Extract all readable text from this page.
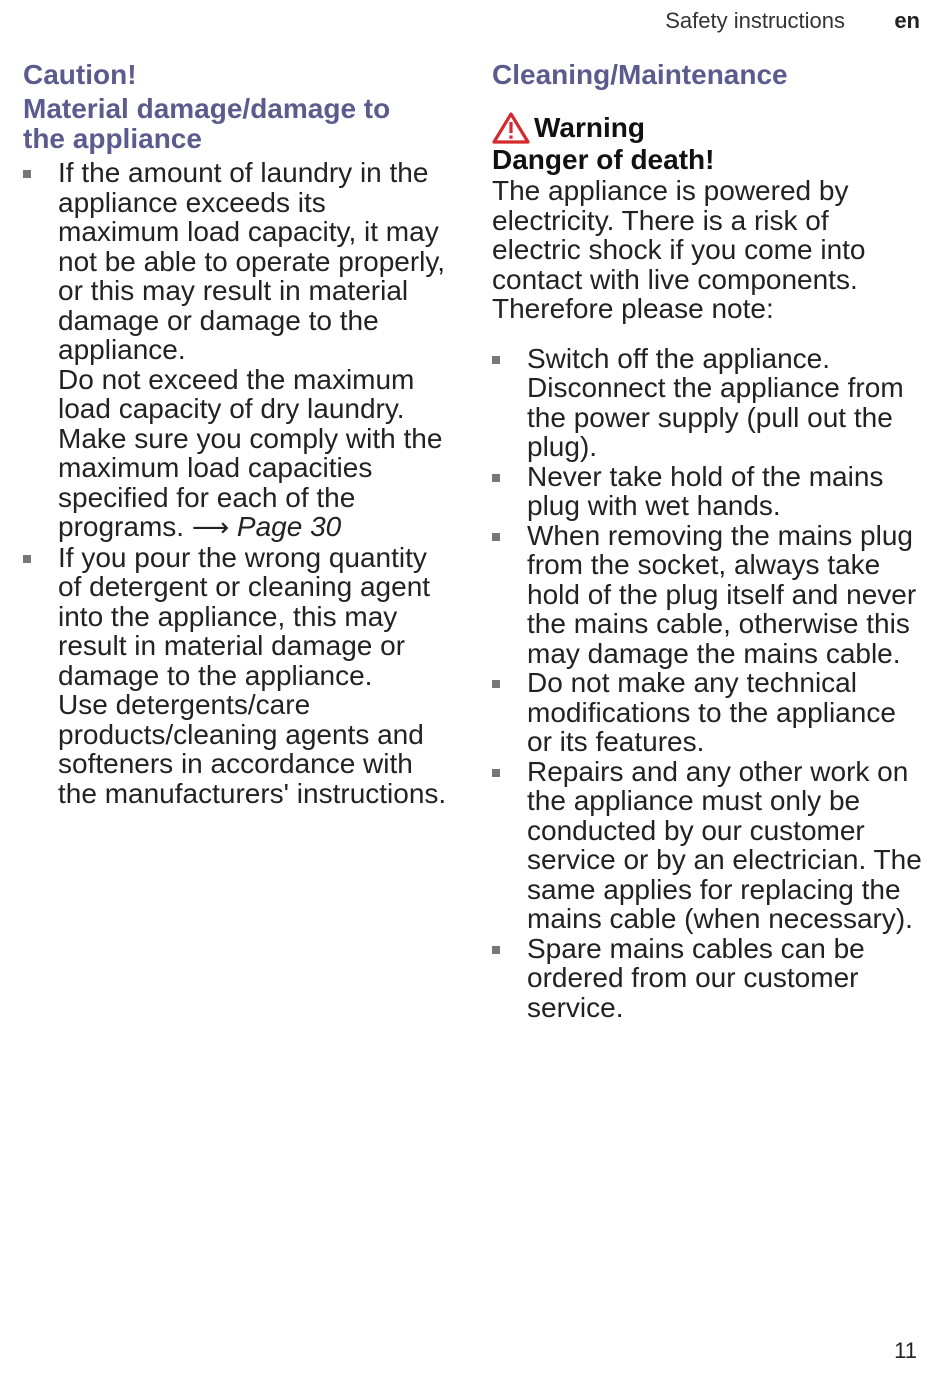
Safety instructions en
Caution!
Material damage/damage to the appliance
If the amount of laundry in the appliance exceeds its maximum load capacity, it may not be able to operate properly, or this may result in material damage or damage to the appliance.
Do not exceed the maximum load capacity of dry laundry. Make sure you comply with the maximum load capacities specified for each of the programs. ⟶ Page 30
If you pour the wrong quantity of detergent or cleaning agent into the appliance, this may result in material damage or damage to the appliance.
Use detergents/care products/cleaning agents and softeners in accordance with the manufacturers' instructions.
Cleaning/Maintenance
Warning
Danger of death!
The appliance is powered by electricity. There is a risk of electric shock if you come into contact with live components. Therefore please note:
Switch off the appliance. Disconnect the appliance from the power supply (pull out the plug).
Never take hold of the mains plug with wet hands.
When removing the mains plug from the socket, always take hold of the plug itself and never the mains cable, otherwise this may damage the mains cable.
Do not make any technical modifications to the appliance or its features.
Repairs and any other work on the appliance must only be conducted by our customer service or by an electrician. The same applies for replacing the mains cable (when necessary).
Spare mains cables can be ordered from our customer service.
11
